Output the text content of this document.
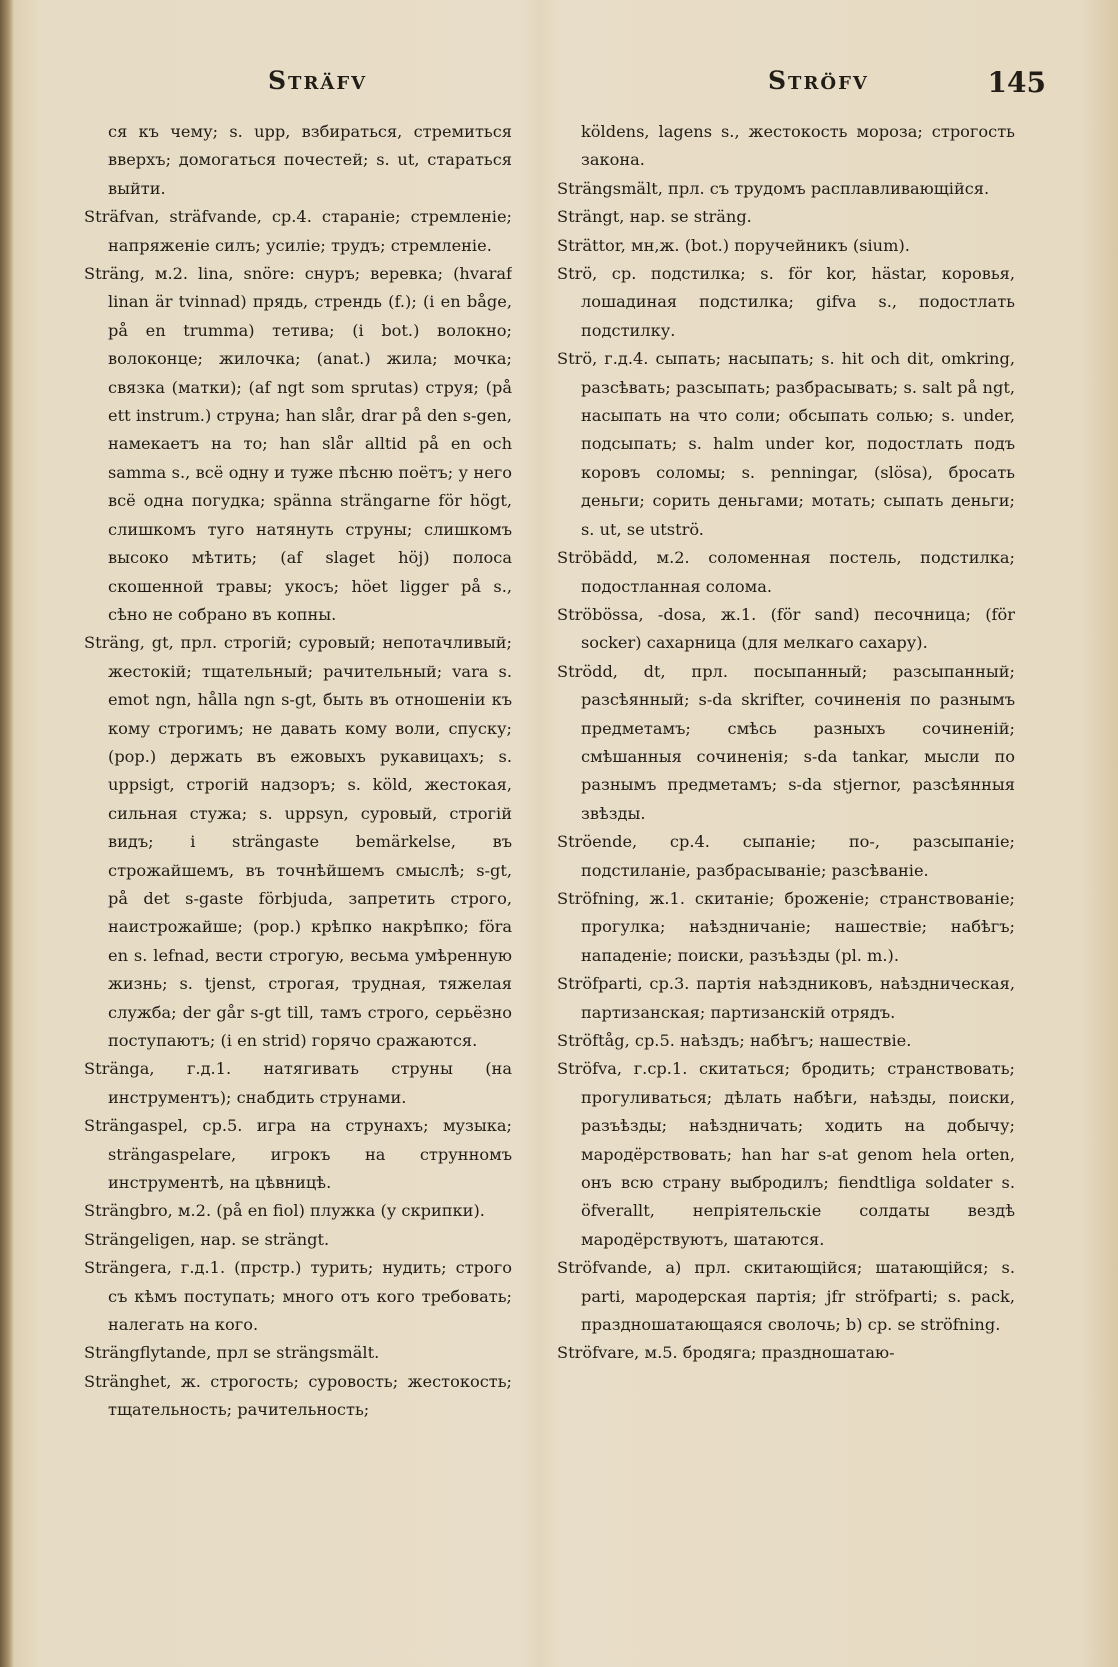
Sträfv	Ströfv	145

ся къ чему; s. upp, взбираться, стремиться вверхъ; домогаться почестей; s. ut, стараться выйти.

Sträfvan, sträfvande, ср.4. стараніе; стремленіе; напряженіе силъ; усиліе; трудъ; стремленіе.

Sträng, м.2. lina, snöre: снуръ; веревка; (hvaraf linan är tvinnad) прядь, стрендь (f.); (i en båge, på en trumma) тетива; (i bot.) волокно; волоконце; жилочка; (anat.) жила; мочка; связка (матки); (af ngt som sprutas) струя; (på ett instrum.) струна; han slår, drar på den s-gen, намекаетъ на то; han slår alltid på en och samma s., всё одну и туже пѣсню поётъ; у него всё одна погудка; spänna strängarne för högt, слишкомъ туго натянуть струны; слишкомъ высоко мѣтить; (af slaget höj) полоса скошенной травы; укосъ; höet ligger på s., сѣно не собрано въ копны.

Sträng, gt, прл. строгій; суровый; непотачливый; жестокій; тщательный; рачительный; vara s. emot ngn, hålla ngn s-gt, быть въ отношеніи къ кому строгимъ; не давать кому воли, спуску; (рор.) держать въ ежовыхъ рукавицахъ; s. uppsigt, строгій надзоръ; s. köld, жестокая, сильная стужа; s. uppsyn, суровый, строгій видъ; i strängaste bemärkelse, въ строжайшемъ, въ точнѣйшемъ смыслѣ; s-gt, på det s-gaste förbjuda, запретить строго, наистрожайше; (рор.) крѣпко накрѣпко; föra en s. lefnad, вести строгую, весьма умѣренную жизнь; s. tjenst, строгая, трудная, тяжелая служба; der går s-gt till, тамъ строго, серьёзно поступаютъ; (i en strid) горячо сражаются.

Stränga, г.д.1. натягивать струны (на инструментъ); снабдить струнами.

Strängaspel, ср.5. игра на струнахъ; музыка; strängaspelare, игрокъ на струнномъ инструментѣ, на цѣвницѣ.

Strängbro, м.2. (på en fiol) плужка (у скрипки).

Strängeligen, нар. se strängt.

Strängera, г.д.1. (прстр.) турить; нудить; строго съ кѣмъ поступать; много отъ кого требовать; налегать на кого.

Strängflytande, прл se strängsmält.

Stränghet, ж. строгость; суровость; жестокость; тщательность; рачительность;

köldens, lagens s., жестокость мороза; строгость закона.

Strängsmält, прл. съ трудомъ расплавливающійся.

Strängt, нар. se sträng.

Strättor, мн,ж. (bot.) поручейникъ (sium).

Strö, ср. подстилка; s. för kor, hästar, коровья, лошадиная подстилка; gifva s., подостлать подстилку.

Strö, г.д.4. сыпать; насыпать; s. hit och dit, omkring, разсѣвать; разсыпать; разбрасывать; s. salt på ngt, насыпать на что соли; обсыпать солью; s. under, подсыпать; s. halm under kor, подостлать подъ коровъ соломы; s. penningar, (slösa), бросать деньги; сорить деньгами; мотать; сыпать деньги; s. ut, se utströ.

Ströbädd, м.2. соломенная постель, подстилка; подостланная солома.

Ströbössa, -dosa, ж.1. (för sand) песочница; (för socker) сахарница (для мелкаго сахару).

Strödd, dt, прл. посыпанный; разсыпанный; разсѣянный; s-da skrifter, сочиненія по разнымъ предметамъ; смѣсь разныхъ сочиненій; смѣшанныя сочиненія; s-da tankar, мысли по разнымъ предметамъ; s-da stjernor, разсѣянныя звѣзды.

Ströende, ср.4. сыпаніе; по-, разсыпаніе; подстиланіе, разбрасываніе; разсѣваніе.

Ströfning, ж.1. скитаніе; броженіе; странствованіе; прогулка; наѣздничаніе; нашествіе; набѣгъ; нападеніе; поиски, разъѣзды (pl. m.).

Ströfparti, ср.3. партія наѣздниковъ, наѣздническая, партизанская; партизанскій отрядъ.

Ströftåg, ср.5. наѣздъ; набѣгъ; нашествіе.

Ströfva, г.ср.1. скитаться; бродить; странствовать; прогуливаться; дѣлать набѣги, наѣзды, поиски, разъѣзды; наѣздничать; ходить на добычу; мародёрствовать; han har s-at genom hela orten, онъ всю страну выбродилъ; fiendtliga soldater s. öfverallt, непріятельскіе солдаты вездѣ мародёрствуютъ, шатаются.

Ströfvande, a) прл. скитающійся; шатающійся; s. parti, мародерская партія; jfr ströfparti; s. pack, праздношатающаяся сволочь; b) ср. se ströfning.

Ströfvare, м.5. бродяга; праздношатаю-
